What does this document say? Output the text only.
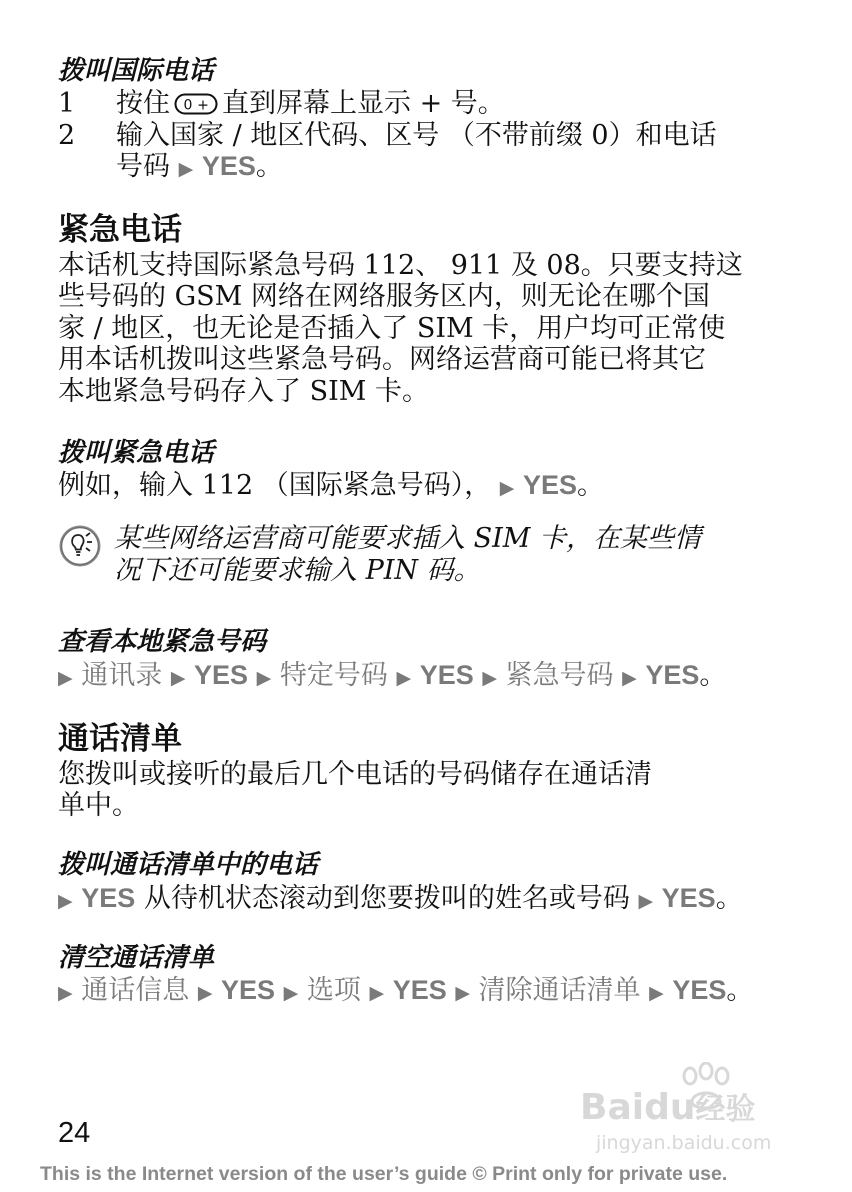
拨叫国际电话
1 按住 0 + 直到屏幕上显示 + 号。
2 输入国家 / 地区代码、区号 （不带前缀 0）和电话
号码 ▶ YES。
紧急电话
本话机支持国际紧急号码 112、 911 及 08。只要支持这
些号码的 GSM 网络在网络服务区内，则无论在哪个国
家 / 地区，也无论是否插入了 SIM 卡，用户均可正常使
用本话机拨叫这些紧急号码。网络运营商可能已将其它
本地紧急号码存入了 SIM 卡。
拨叫紧急电话
例如，输入 112 （国际紧急号码）， ▶ YES。
某些网络运营商可能要求插入 SIM 卡，在某些情
况下还可能要求输入 PIN 码。
查看本地紧急号码
▶ 通讯录 ▶ YES ▶ 特定号码 ▶ YES ▶ 紧急号码 ▶ YES。
通话清单
您拨叫或接听的最后几个电话的号码储存在通话清
单中。
拨叫通话清单中的电话
▶ YES 从待机状态滚动到您要拨叫的姓名或号码 ▶ YES。
清空通话清单
▶ 通话信息 ▶ YES ▶ 选项 ▶ YES ▶ 清除通话清单 ▶ YES。
Baidu经验
jingyan.baidu.com
24
This is the Internet version of the user’s guide © Print only for private use.
